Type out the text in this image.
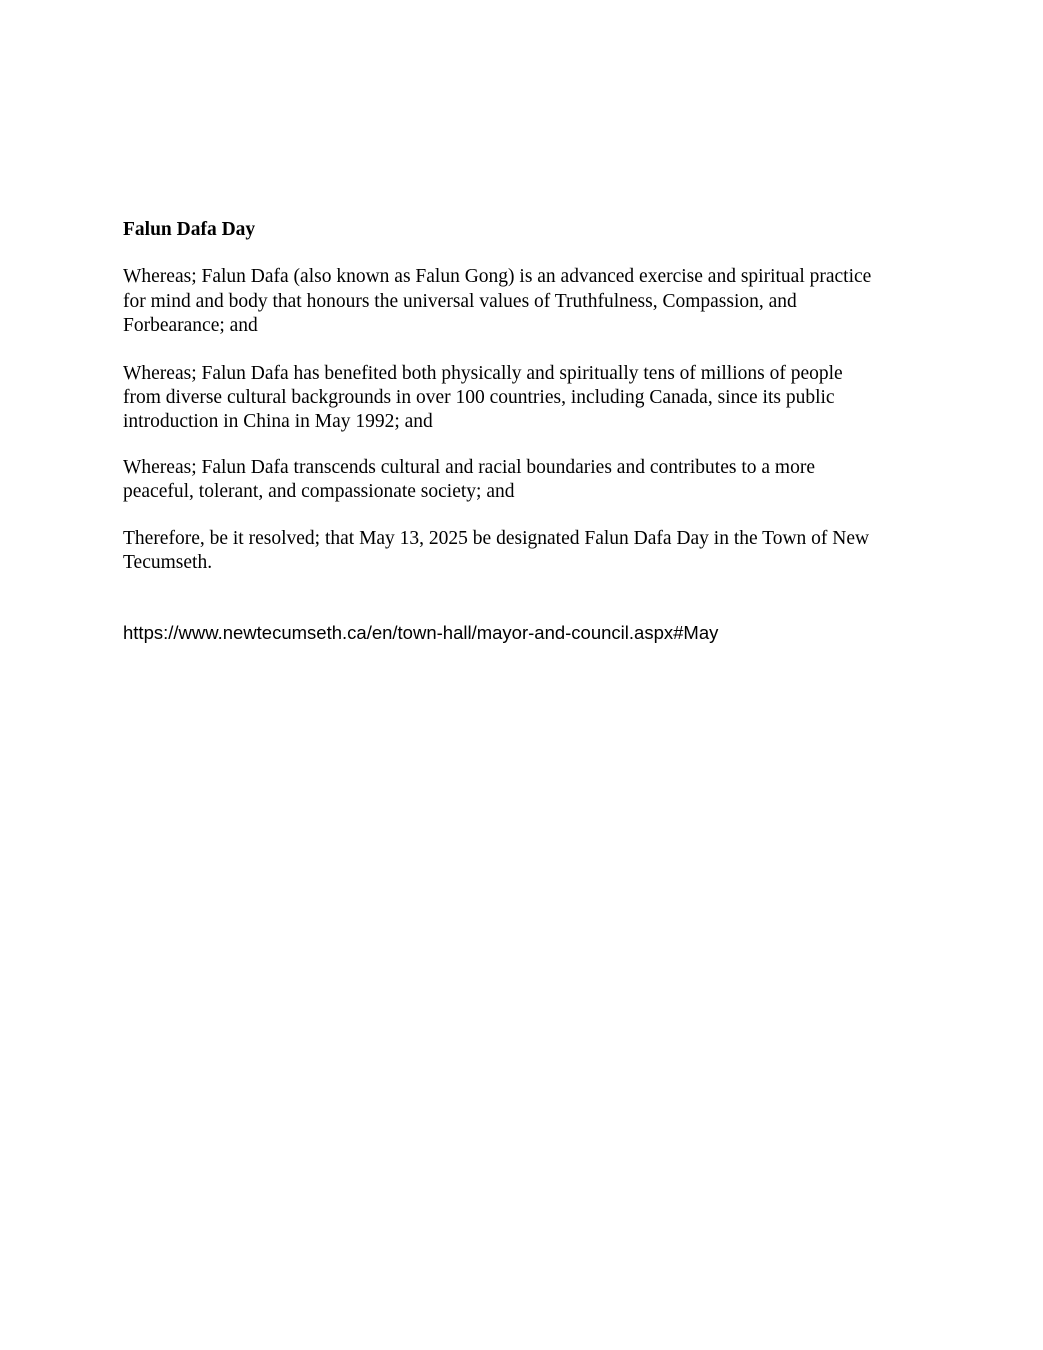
Falun Dafa Day
Whereas; Falun Dafa (also known as Falun Gong) is an advanced exercise and spiritual practice
for mind and body that honours the universal values of Truthfulness, Compassion, and
Forbearance; and
Whereas; Falun Dafa has benefited both physically and spiritually tens of millions of people
from diverse cultural backgrounds in over 100 countries, including Canada, since its public
introduction in China in May 1992; and
Whereas; Falun Dafa transcends cultural and racial boundaries and contributes to a more
peaceful, tolerant, and compassionate society; and
Therefore, be it resolved; that May 13, 2025 be designated Falun Dafa Day in the Town of New
Tecumseth.
https://www.newtecumseth.ca/en/town-hall/mayor-and-council.aspx#May
